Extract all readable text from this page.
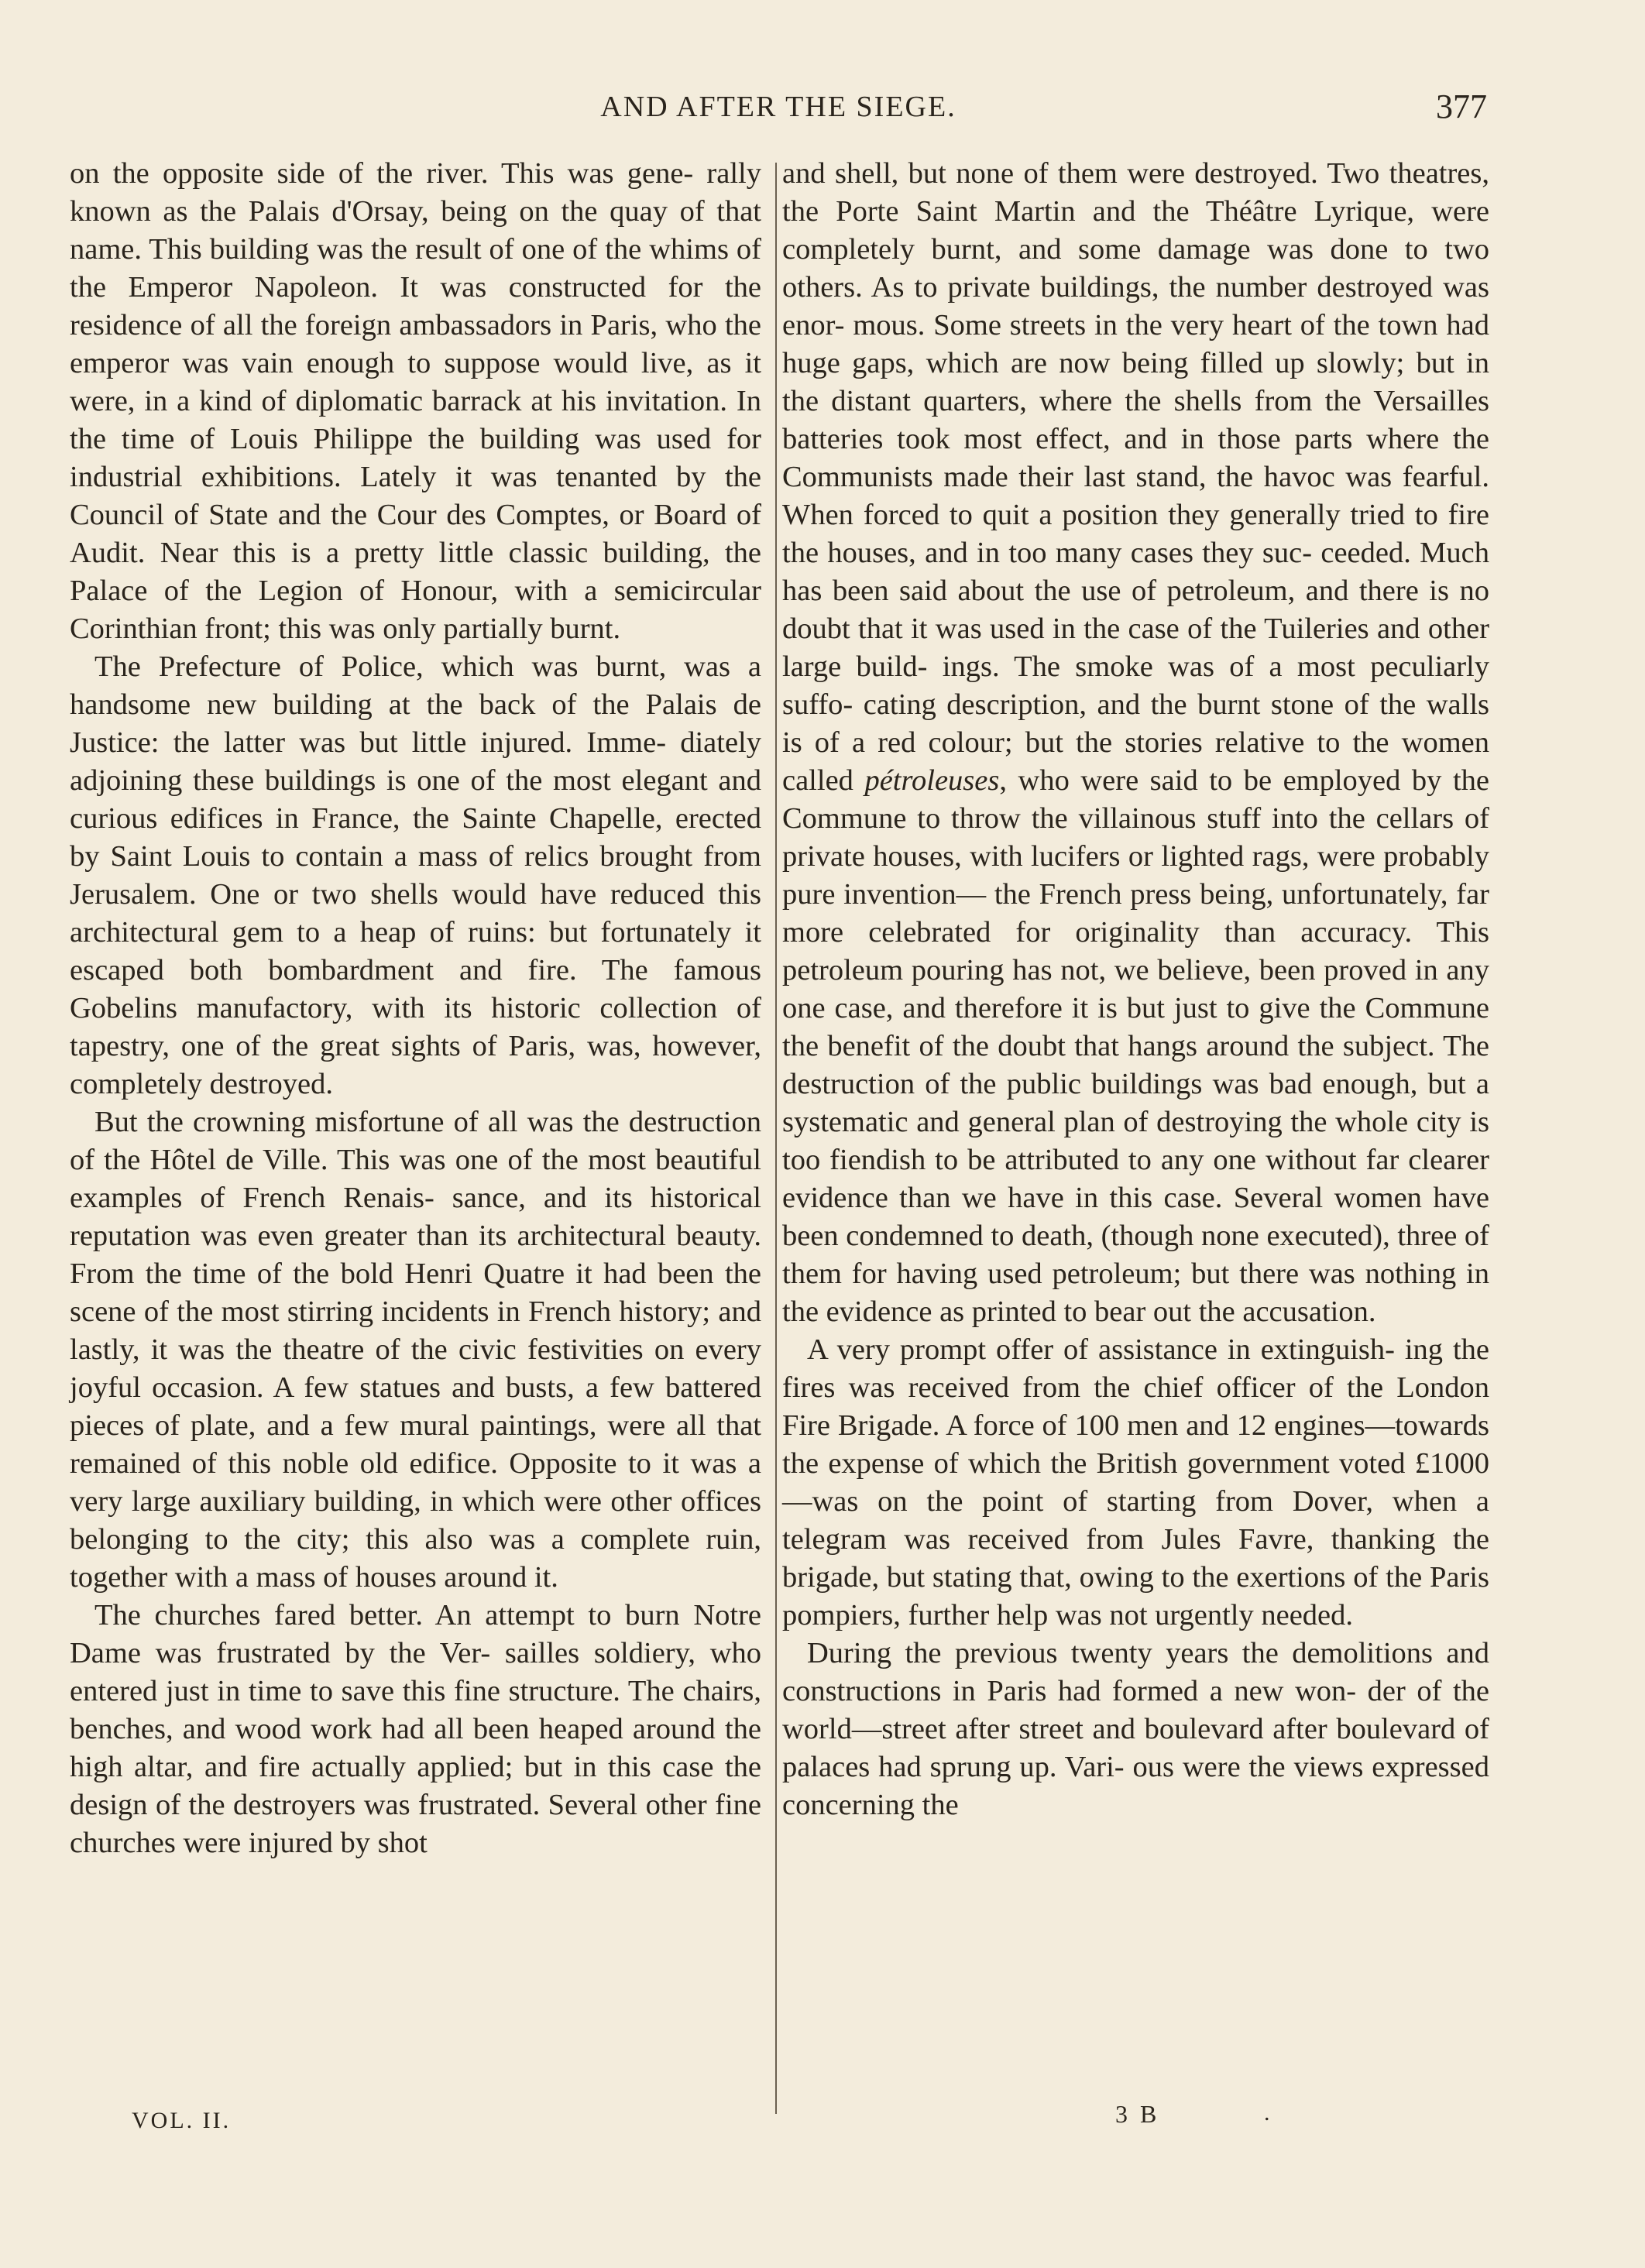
AND AFTER THE SIEGE.	377

on the opposite side of the river. This was gene- rally known as the Palais d'Orsay, being on the quay of that name. This building was the result of one of the whims of the Emperor Napoleon. It was constructed for the residence of all the foreign ambassadors in Paris, who the emperor was vain enough to suppose would live, as it were, in a kind of diplomatic barrack at his invitation. In the time of Louis Philippe the building was used for industrial exhibitions. Lately it was tenanted by the Council of State and the Cour des Comptes, or Board of Audit. Near this is a pretty little classic building, the Palace of the Legion of Honour, with a semicircular Corinthian front; this was only partially burnt.

The Prefecture of Police, which was burnt, was a handsome new building at the back of the Palais de Justice: the latter was but little injured. Imme- diately adjoining these buildings is one of the most elegant and curious edifices in France, the Sainte Chapelle, erected by Saint Louis to contain a mass of relics brought from Jerusalem. One or two shells would have reduced this architectural gem to a heap of ruins: but fortunately it escaped both bombardment and fire. The famous Gobelins manufactory, with its historic collection of tapestry, one of the great sights of Paris, was, however, completely destroyed.

But the crowning misfortune of all was the destruction of the Hôtel de Ville. This was one of the most beautiful examples of French Renais- sance, and its historical reputation was even greater than its architectural beauty. From the time of the bold Henri Quatre it had been the scene of the most stirring incidents in French history; and lastly, it was the theatre of the civic festivities on every joyful occasion. A few statues and busts, a few battered pieces of plate, and a few mural paintings, were all that remained of this noble old edifice. Opposite to it was a very large auxiliary building, in which were other offices belonging to the city; this also was a complete ruin, together with a mass of houses around it.

The churches fared better. An attempt to burn Notre Dame was frustrated by the Ver- sailles soldiery, who entered just in time to save this fine structure. The chairs, benches, and wood work had all been heaped around the high altar, and fire actually applied; but in this case the design of the destroyers was frustrated. Several other fine churches were injured by shot

and shell, but none of them were destroyed. Two theatres, the Porte Saint Martin and the Théâtre Lyrique, were completely burnt, and some damage was done to two others. As to private buildings, the number destroyed was enor- mous. Some streets in the very heart of the town had huge gaps, which are now being filled up slowly; but in the distant quarters, where the shells from the Versailles batteries took most effect, and in those parts where the Communists made their last stand, the havoc was fearful. When forced to quit a position they generally tried to fire the houses, and in too many cases they suc- ceeded. Much has been said about the use of petroleum, and there is no doubt that it was used in the case of the Tuileries and other large build- ings. The smoke was of a most peculiarly suffo- cating description, and the burnt stone of the walls is of a red colour; but the stories relative to the women called pétroleuses, who were said to be employed by the Commune to throw the villainous stuff into the cellars of private houses, with lucifers or lighted rags, were probably pure invention— the French press being, unfortunately, far more celebrated for originality than accuracy. This petroleum pouring has not, we believe, been proved in any one case, and therefore it is but just to give the Commune the benefit of the doubt that hangs around the subject. The destruction of the public buildings was bad enough, but a systematic and general plan of destroying the whole city is too fiendish to be attributed to any one without far clearer evidence than we have in this case. Several women have been condemned to death, (though none executed), three of them for having used petroleum; but there was nothing in the evidence as printed to bear out the accusation.

A very prompt offer of assistance in extinguish- ing the fires was received from the chief officer of the London Fire Brigade. A force of 100 men and 12 engines—towards the expense of which the British government voted £1000—was on the point of starting from Dover, when a telegram was received from Jules Favre, thanking the brigade, but stating that, owing to the exertions of the Paris pompiers, further help was not urgently needed.

During the previous twenty years the demolitions and constructions in Paris had formed a new won- der of the world—street after street and boulevard after boulevard of palaces had sprung up. Vari- ous were the views expressed concerning the

VOL. II.	3 B	.
